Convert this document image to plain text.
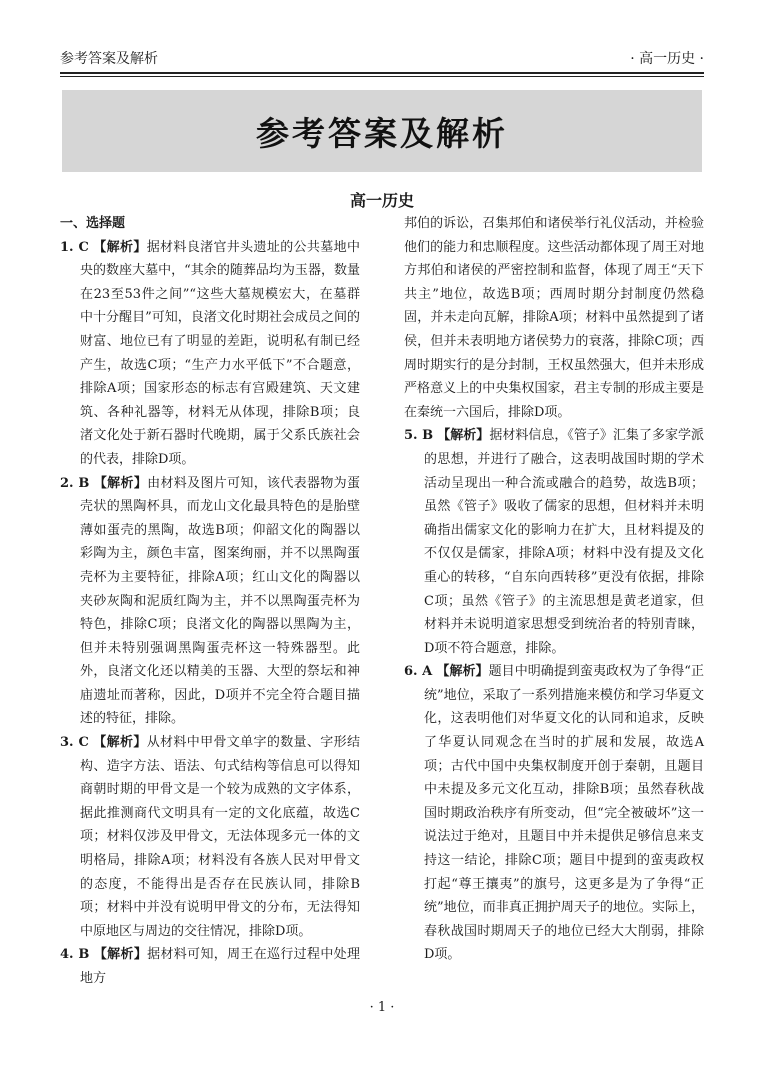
参考答案及解析	· 高一历史 ·
参考答案及解析
高一历史
一、选择题

1. C 【解析】据材料良渚官井头遗址的公共墓地中央的数座大墓中，“其余的随葬品均为玉器，数量在23至53件之间”“这些大墓规模宏大，在墓群中十分醒目”可知，良渚文化时期社会成员之间的财富、地位已有了明显的差距，说明私有制已经产生，故选C项；“生产力水平低下”不合题意，排除A项；国家形态的标志有宫殿建筑、天文建筑、各种礼器等，材料无从体现，排除B项；良渚文化处于新石器时代晚期，属于父系氏族社会的代表，排除D项。

2. B 【解析】由材料及图片可知，该代表器物为蛋壳状的黑陶杯具，而龙山文化最具特色的是胎壁薄如蛋壳的黑陶，故选B项；仰韶文化的陶器以彩陶为主，颜色丰富，图案绚丽，并不以黑陶蛋壳杯为主要特征，排除A项；红山文化的陶器以夹砂灰陶和泥质红陶为主，并不以黑陶蛋壳杯为特色，排除C项；良渚文化的陶器以黑陶为主，但并未特别强调黑陶蛋壳杯这一特殊器型。此外，良渚文化还以精美的玉器、大型的祭坛和神庙遗址而著称，因此，D项并不完全符合题目描述的特征，排除。

3. C 【解析】从材料中甲骨文单字的数量、字形结构、造字方法、语法、句式结构等信息可以得知商朝时期的甲骨文是一个较为成熟的文字体系，据此推测商代文明具有一定的文化底蕴，故选C项；材料仅涉及甲骨文，无法体现多元一体的文明格局，排除A项；材料没有各族人民对甲骨文的态度，不能得出是否存在民族认同，排除B项；材料中并没有说明甲骨文的分布，无法得知中原地区与周边的交往情况，排除D项。

4. B 【解析】据材料可知，周王在巡行过程中处理地方

邦伯的诉讼，召集邦伯和诸侯举行礼仪活动，并检验他们的能力和忠顺程度。这些活动都体现了周王对地方邦伯和诸侯的严密控制和监督，体现了周王“天下共主”地位，故选B项；西周时期分封制度仍然稳固，并未走向瓦解，排除A项；材料中虽然提到了诸侯，但并未表明地方诸侯势力的衰落，排除C项；西周时期实行的是分封制，王权虽然强大，但并未形成严格意义上的中央集权国家，君主专制的形成主要是在秦统一六国后，排除D项。

5. B 【解析】据材料信息，《管子》汇集了多家学派的思想，并进行了融合，这表明战国时期的学术活动呈现出一种合流或融合的趋势，故选B项；虽然《管子》吸收了儒家的思想，但材料并未明确指出儒家文化的影响力在扩大，且材料提及的不仅仅是儒家，排除A项；材料中没有提及文化重心的转移，“自东向西转移”更没有依据，排除C项；虽然《管子》的主流思想是黄老道家，但材料并未说明道家思想受到统治者的特别青睐，D项不符合题意，排除。

6. A 【解析】题目中明确提到蛮夷政权为了争得“正统”地位，采取了一系列措施来模仿和学习华夏文化，这表明他们对华夏文化的认同和追求，反映了华夏认同观念在当时的扩展和发展，故选A项；古代中国中央集权制度开创于秦朝，且题目中未提及多元文化互动，排除B项；虽然春秋战国时期政治秩序有所变动，但“完全被破坏”这一说法过于绝对，且题目中并未提供足够信息来支持这一结论，排除C项；题目中提到的蛮夷政权打起“尊王攘夷”的旗号，这更多是为了争得“正统”地位，而非真正拥护周天子的地位。实际上，春秋战国时期周天子的地位已经大大削弱，排除D项。

· 1 ·
